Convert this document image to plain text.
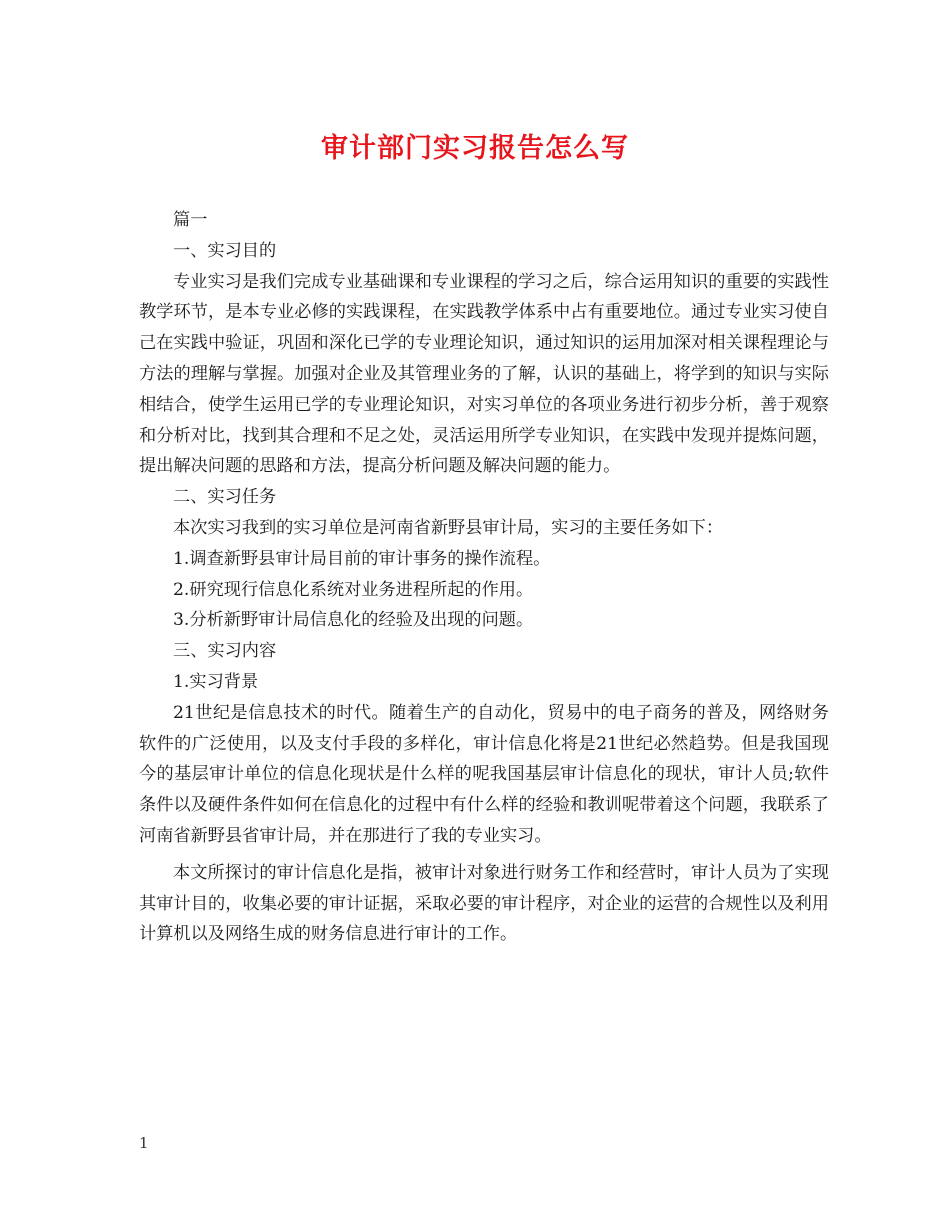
审计部门实习报告怎么写

篇一

一、实习目的

专业实习是我们完成专业基础课和专业课程的学习之后，综合运用知识的重要的实践性教学环节，是本专业必修的实践课程，在实践教学体系中占有重要地位。通过专业实习使自己在实践中验证，巩固和深化已学的专业理论知识，通过知识的运用加深对相关课程理论与方法的理解与掌握。加强对企业及其管理业务的了解，认识的基础上，将学到的知识与实际相结合，使学生运用已学的专业理论知识，对实习单位的各项业务进行初步分析，善于观察和分析对比，找到其合理和不足之处，灵活运用所学专业知识，在实践中发现并提炼问题，提出解决问题的思路和方法，提高分析问题及解决问题的能力。

二、实习任务

本次实习我到的实习单位是河南省新野县审计局，实习的主要任务如下：

1.调查新野县审计局目前的审计事务的操作流程。

2.研究现行信息化系统对业务进程所起的作用。

3.分析新野审计局信息化的经验及出现的问题。

三、实习内容

1.实习背景

21世纪是信息技术的时代。随着生产的自动化，贸易中的电子商务的普及，网络财务软件的广泛使用，以及支付手段的多样化，审计信息化将是21世纪必然趋势。但是我国现今的基层审计单位的信息化现状是什么样的呢我国基层审计信息化的现状，审计人员;软件条件以及硬件条件如何在信息化的过程中有什么样的经验和教训呢带着这个问题，我联系了河南省新野县省审计局，并在那进行了我的专业实习。

本文所探讨的审计信息化是指，被审计对象进行财务工作和经营时，审计人员为了实现其审计目的，收集必要的审计证据，采取必要的审计程序，对企业的运营的合规性以及利用计算机以及网络生成的财务信息进行审计的工作。

1
